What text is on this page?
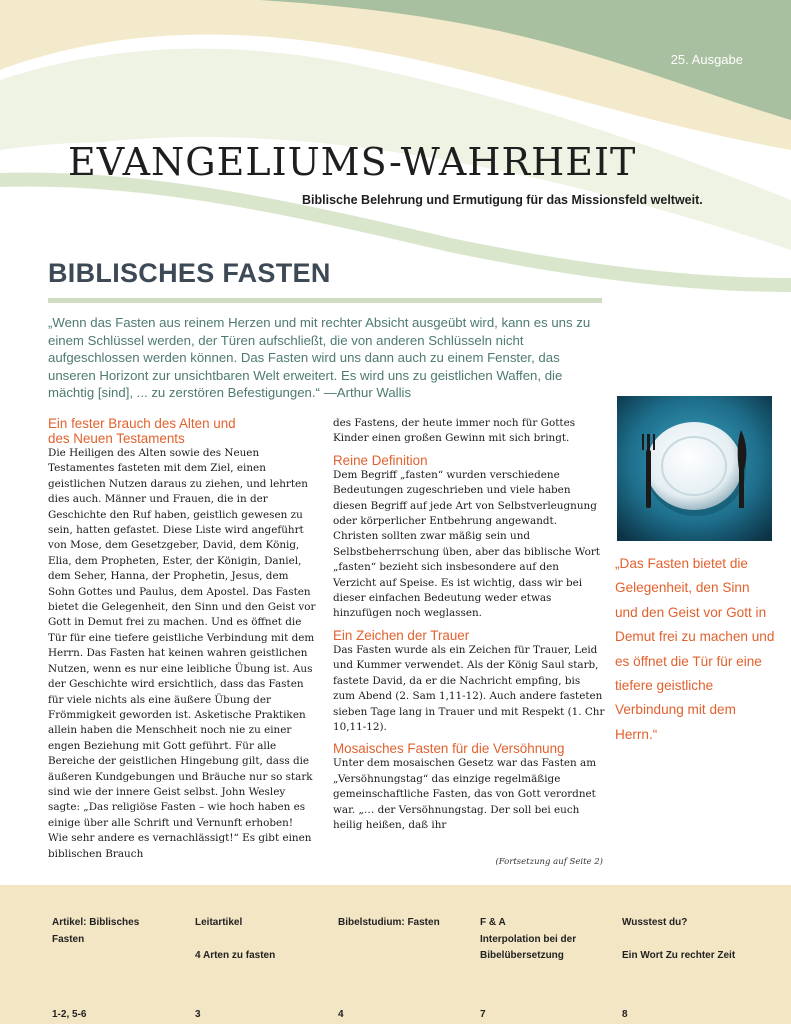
25. Ausgabe
EVANGELIUMS-WAHRHEIT
Biblische Belehrung und Ermutigung für das Missionsfeld weltweit.
BIBLISCHES FASTEN
„Wenn das Fasten aus reinem Herzen und mit rechter Absicht ausgeübt wird, kann es uns zu einem Schlüssel werden, der Türen aufschließt, die von anderen Schlüsseln nicht aufgeschlossen werden können. Das Fasten wird uns dann auch zu einem Fenster, das unseren Horizont zur unsichtbaren Welt erweitert. Es wird uns zu geistlichen Waffen, die mächtig [sind], ... zu zerstören Befestigungen.“ —Arthur Wallis
Ein fester Brauch des Alten und
des Neuen Testaments

Die Heiligen des Alten sowie des Neuen Testamentes fasteten mit dem Ziel, einen geistlichen Nutzen daraus zu ziehen, und lehrten dies auch. Männer und Frauen, die in der Geschichte den Ruf haben, geistlich gewesen zu sein, hatten gefastet. Diese Liste wird angeführt von Mose, dem Gesetzgeber, David, dem König, Elia, dem Propheten, Ester, der Königin, Daniel, dem Seher, Hanna, der Prophetin, Jesus, dem Sohn Gottes und Paulus, dem Apostel. Das Fasten bietet die Gelegenheit, den Sinn und den Geist vor Gott in Demut frei zu machen. Und es öffnet die Tür für eine tiefere geistliche Verbindung mit dem Herrn. Das Fasten hat keinen wahren geistlichen Nutzen, wenn es nur eine leibliche Übung ist. Aus der Geschichte wird ersichtlich, dass das Fasten für viele nichts als eine äußere Übung der Frömmigkeit geworden ist. Asketische Praktiken allein haben die Menschheit noch nie zu einer engen Beziehung mit Gott geführt. Für alle Bereiche der geistlichen Hingebung gilt, dass die äußeren Kundgebungen und Bräuche nur so stark sind wie der innere Geist selbst. John Wesley sagte: „Das religiöse Fasten – wie hoch haben es einige über alle Schrift und Vernunft erhoben! Wie sehr andere es vernachlässigt!“ Es gibt einen biblischen Brauch

des Fastens, der heute immer noch für Gottes Kinder einen großen Gewinn mit sich bringt.

Reine Definition

Dem Begriff „fasten“ wurden verschiedene Bedeutungen zugeschrieben und viele haben diesen Begriff auf jede Art von Selbstverleugnung oder körperlicher Entbehrung angewandt. Christen sollten zwar mäßig sein und Selbstbeherrschung üben, aber das biblische Wort „fasten“ bezieht sich insbesondere auf den Verzicht auf Speise. Es ist wichtig, dass wir bei dieser einfachen Bedeutung weder etwas hinzufügen noch weglassen.

Ein Zeichen der Trauer

Das Fasten wurde als ein Zeichen für Trauer, Leid und Kummer verwendet. Als der König Saul starb, fastete David, da er die Nachricht empfing, bis zum Abend (2. Sam 1,11-12). Auch andere fasteten sieben Tage lang in Trauer und mit Respekt (1. Chr 10,11-12).

Mosaisches Fasten für die Versöhnung

Unter dem mosaischen Gesetz war das Fasten am „Versöhnungstag“ das einzige regelmäßige gemeinschaftliche Fasten, das von Gott verordnet war. „… der Versöhnungstag. Der soll bei euch heilig heißen, daß ihr

(Fortsetzung auf Seite 2)
„Das Fasten bietet die Gelegenheit, den Sinn und den Geist vor Gott in Demut frei zu machen und es öffnet die Tür für eine tiefere geistliche Verbindung mit dem Herrn.“
Artikel: Biblisches Fasten
1-2, 5-6
Leitartikel
4 Arten zu fasten
3
Bibelstudium: Fasten
4
F & A
Interpolation bei der Bibelübersetzung
7
Wusstest du?
Ein Wort Zu rechter Zeit
8
